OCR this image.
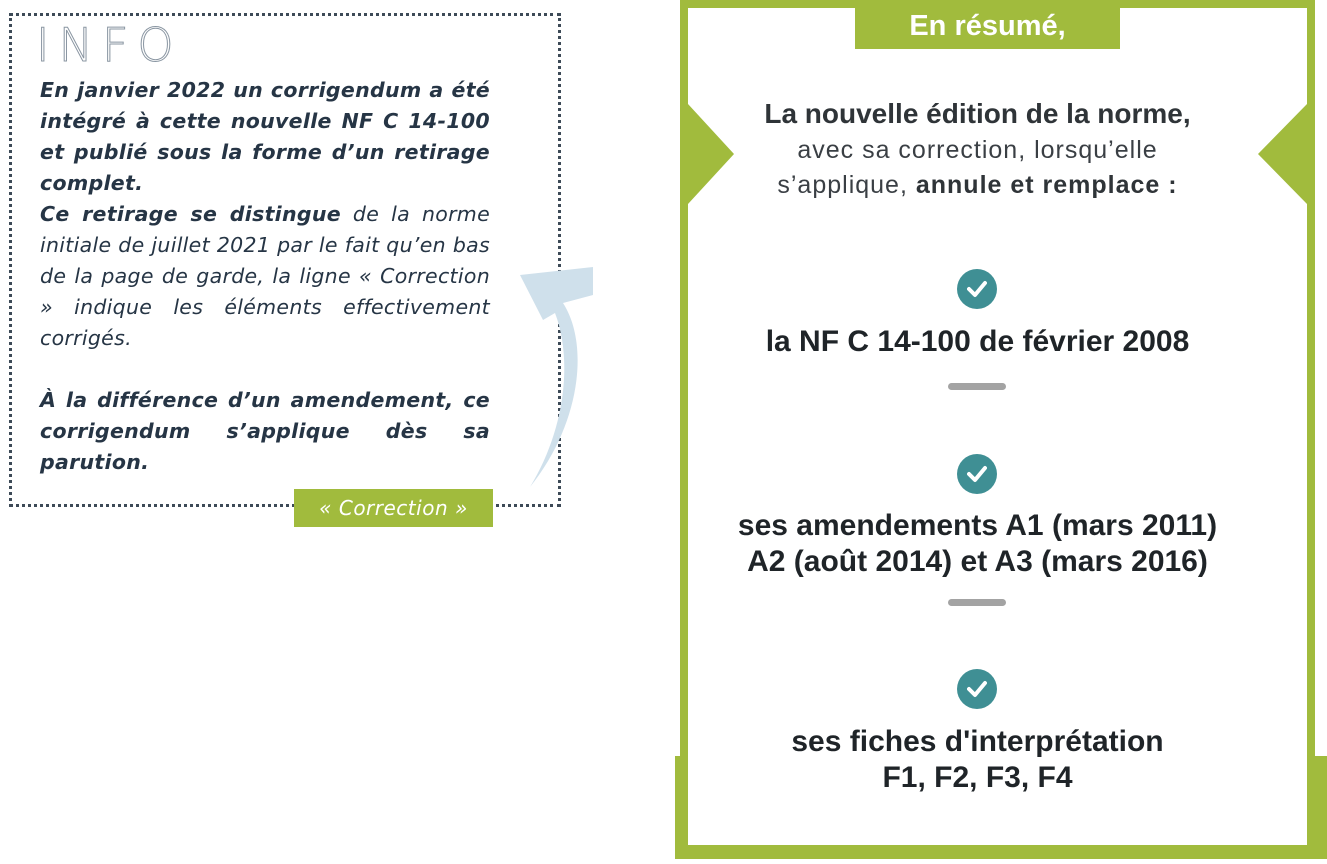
INFO

En janvier 2022 un corrigendum a été intégré à cette nouvelle NF C 14-100 et publié sous la forme d’un retirage complet.

Ce retirage se distingue de la norme initiale de juillet 2021 par le fait qu’en bas de la page de garde, la ligne « Correction » indique les éléments effectivement corrigés.

À la différence d’un amendement, ce corrigendum s’applique dès sa parution.

« Correction »
En résumé,
La nouvelle édition de la norme,
avec sa correction, lorsqu’elle
s’applique, annule et remplace :
la NF C 14-100 de février 2008
ses amendements A1 (mars 2011)
A2 (août 2014) et A3 (mars 2016)
ses fiches d'interprétation
F1, F2, F3, F4
